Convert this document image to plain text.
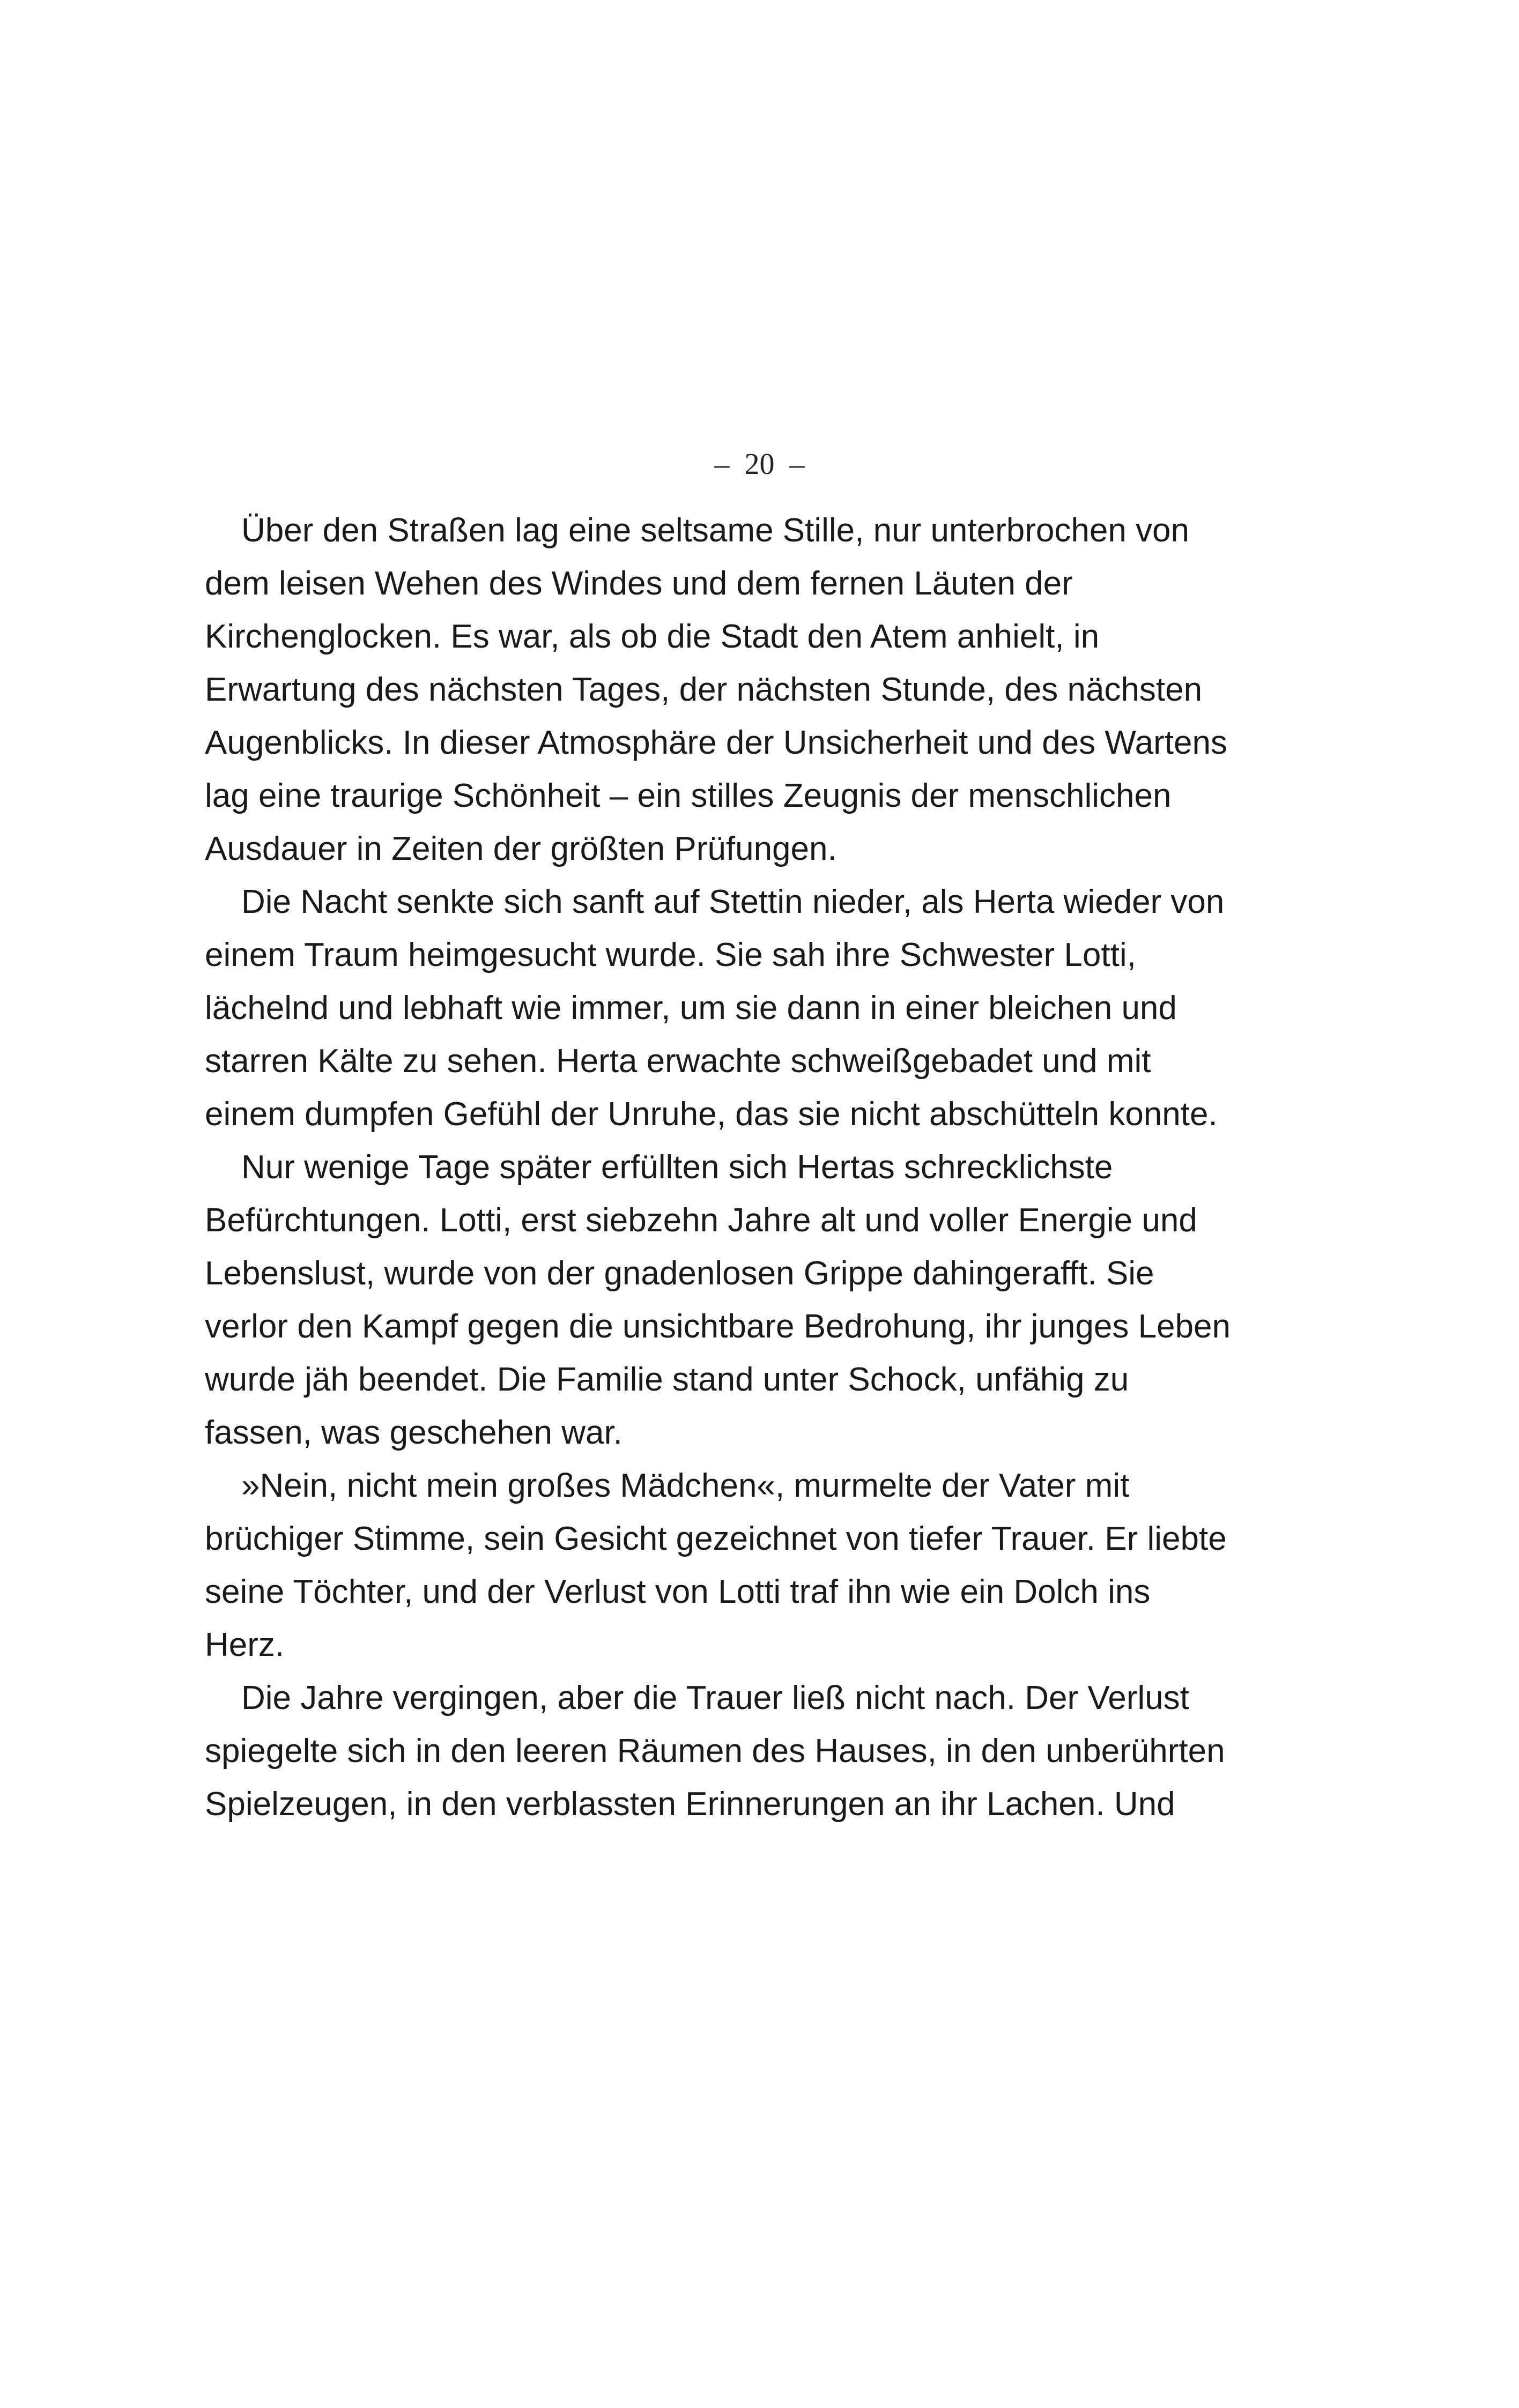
–  20  –

Über den Straßen lag eine seltsame Stille, nur unterbrochen von
dem leisen Wehen des Windes und dem fernen Läuten der
Kirchenglocken. Es war, als ob die Stadt den Atem anhielt, in
Erwartung des nächsten Tages, der nächsten Stunde, des nächsten
Augenblicks. In dieser Atmosphäre der Unsicherheit und des Wartens
lag eine traurige Schönheit – ein stilles Zeugnis der menschlichen
Ausdauer in Zeiten der größten Prüfungen.

Die Nacht senkte sich sanft auf Stettin nieder, als Herta wieder von
einem Traum heimgesucht wurde. Sie sah ihre Schwester Lotti,
lächelnd und lebhaft wie immer, um sie dann in einer bleichen und
starren Kälte zu sehen. Herta erwachte schweißgebadet und mit
einem dumpfen Gefühl der Unruhe, das sie nicht abschütteln konnte.

Nur wenige Tage später erfüllten sich Hertas schrecklichste
Befürchtungen. Lotti, erst siebzehn Jahre alt und voller Energie und
Lebenslust, wurde von der gnadenlosen Grippe dahingerafft. Sie
verlor den Kampf gegen die unsichtbare Bedrohung, ihr junges Leben
wurde jäh beendet. Die Familie stand unter Schock, unfähig zu
fassen, was geschehen war.

»Nein, nicht mein großes Mädchen«, murmelte der Vater mit
brüchiger Stimme, sein Gesicht gezeichnet von tiefer Trauer. Er liebte
seine Töchter, und der Verlust von Lotti traf ihn wie ein Dolch ins
Herz.

Die Jahre vergingen, aber die Trauer ließ nicht nach. Der Verlust
spiegelte sich in den leeren Räumen des Hauses, in den unberührten
Spielzeugen, in den verblassten Erinnerungen an ihr Lachen. Und
